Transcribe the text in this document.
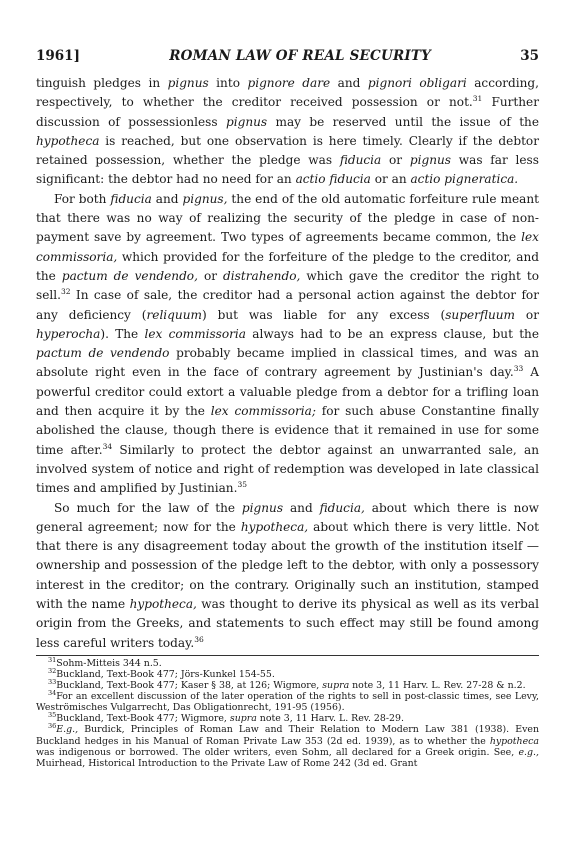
1961]	ROMAN LAW OF REAL SECURITY	35

tinguish pledges in pignus into pignore dare and pignori obligari according, respectively, to whether the creditor received possession or not.$^{31}$ Further discussion of possessionless pignus may be reserved until the issue of the hypotheca is reached, but one observation is here timely. Clearly if the debtor retained possession, whether the pledge was fiducia or pignus was far less significant: the debtor had no need for an actio fiducia or an actio pigneratica.

For both fiducia and pignus, the end of the old automatic forfeiture rule meant that there was no way of realizing the security of the pledge in case of non-payment save by agreement. Two types of agreements became common, the lex commissoria, which provided for the forfeiture of the pledge to the creditor, and the pactum de vendendo, or distrahendo, which gave the creditor the right to sell.$^{32}$ In case of sale, the creditor had a personal action against the debtor for any deficiency (reliquum) but was liable for any excess (superfluum or hyperocha). The lex commissoria always had to be an express clause, but the pactum de vendendo probably became implied in classical times, and was an absolute right even in the face of contrary agreement by Justinian's day.$^{33}$ A powerful creditor could extort a valuable pledge from a debtor for a trifling loan and then acquire it by the lex commissoria; for such abuse Constantine finally abolished the clause, though there is evidence that it remained in use for some time after.$^{34}$ Similarly to protect the debtor against an unwarranted sale, an involved system of notice and right of redemption was developed in late classical times and amplified by Justinian.$^{35}$

So much for the law of the pignus and fiducia, about which there is now general agreement; now for the hypotheca, about which there is very little. Not that there is any disagreement today about the growth of the institution itself — ownership and possession of the pledge left to the debtor, with only a possessory interest in the creditor; on the contrary. Originally such an institution, stamped with the name hypotheca, was thought to derive its physical as well as its verbal origin from the Greeks, and statements to such effect may still be found among less careful writers today.$^{36}$

$^{31}$Sohm-Mitteis 344 n.5.

$^{32}$Buckland, Text-Book 477; Jörs-Kunkel 154-55.

$^{33}$Buckland, Text-Book 477; Kaser § 38, at 126; Wigmore, supra note 3, 11 Harv. L. Rev. 27-28 & n.2.

$^{34}$For an excellent discussion of the later operation of the rights to sell in post-classic times, see Levy, Weströmisches Vulgarrecht, Das Obligationrecht, 191-95 (1956).

$^{35}$Buckland, Text-Book 477; Wigmore, supra note 3, 11 Harv. L. Rev. 28-29.

$^{36}$E.g., Burdick, Principles of Roman Law and Their Relation to Modern Law 381 (1938). Even Buckland hedges in his Manual of Roman Private Law 353 (2d ed. 1939), as to whether the hypotheca was indigenous or borrowed. The older writers, even Sohm, all declared for a Greek origin. See, e.g., Muirhead, Historical Introduction to the Private Law of Rome 242 (3d ed. Grant
